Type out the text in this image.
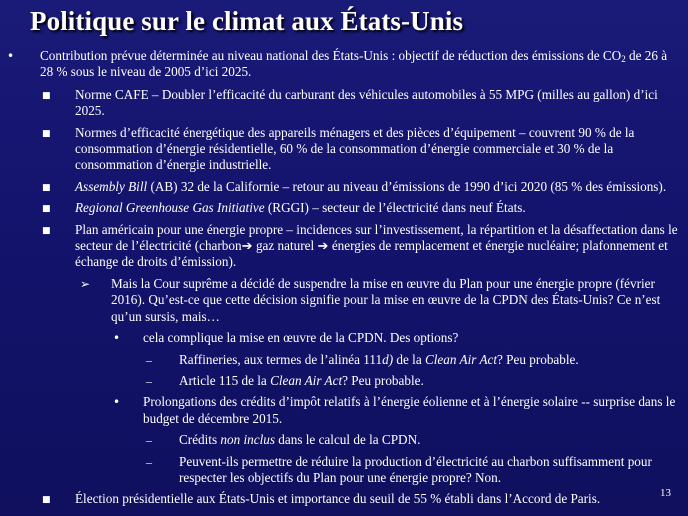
Politique sur le climat aux États-Unis
• Contribution prévue déterminée au niveau national des États-Unis : objectif de réduction des émissions de $CO_2$ de 26 à 28 % sous le niveau de 2005 d’ici 2025.
■ Norme CAFE – Doubler l’efficacité du carburant des véhicules automobiles à 55 MPG (milles au gallon) d’ici 2025.
■ Normes d’efficacité énergétique des appareils ménagers et des pièces d’équipement – couvrent 90 % de la consommation d’énergie résidentielle, 60 % de la consommation d’énergie commerciale et 30 % de la consommation d’énergie industrielle.
■ Assembly Bill (AB) 32 de la Californie – retour au niveau d’émissions de 1990 d’ici 2020 (85 % des émissions).
■ Regional Greenhouse Gas Initiative (RGGI) – secteur de l’électricité dans neuf États.
■ Plan américain pour une énergie propre – incidences sur l’investissement, la répartition et la désaffectation dans le secteur de l’électricité (charbon➔ gaz naturel ➔ énergies de remplacement et énergie nucléaire; plafonnement et échange de droits d’émission).
➢ Mais la Cour suprême a décidé de suspendre la mise en œuvre du Plan pour une énergie propre (février 2016). Qu’est-ce que cette décision signifie pour la mise en œuvre de la CPDN des États-Unis? Ce n’est qu’un sursis, mais…
• cela complique la mise en œuvre de la CPDN. Des options?
– Raffineries, aux termes de l’alinéa 111d) de la Clean Air Act? Peu probable.
– Article 115 de la Clean Air Act? Peu probable.
• Prolongations des crédits d’impôt relatifs à l’énergie éolienne et à l’énergie solaire -- surprise dans le budget de décembre 2015.
– Crédits non inclus dans le calcul de la CPDN.
– Peuvent-ils permettre de réduire la production d’électricité au charbon suffisamment pour respecter les objectifs du Plan pour une énergie propre? Non.
■ Élection présidentielle aux États-Unis et importance du seuil de 55 % établi dans l’Accord de Paris.	13
